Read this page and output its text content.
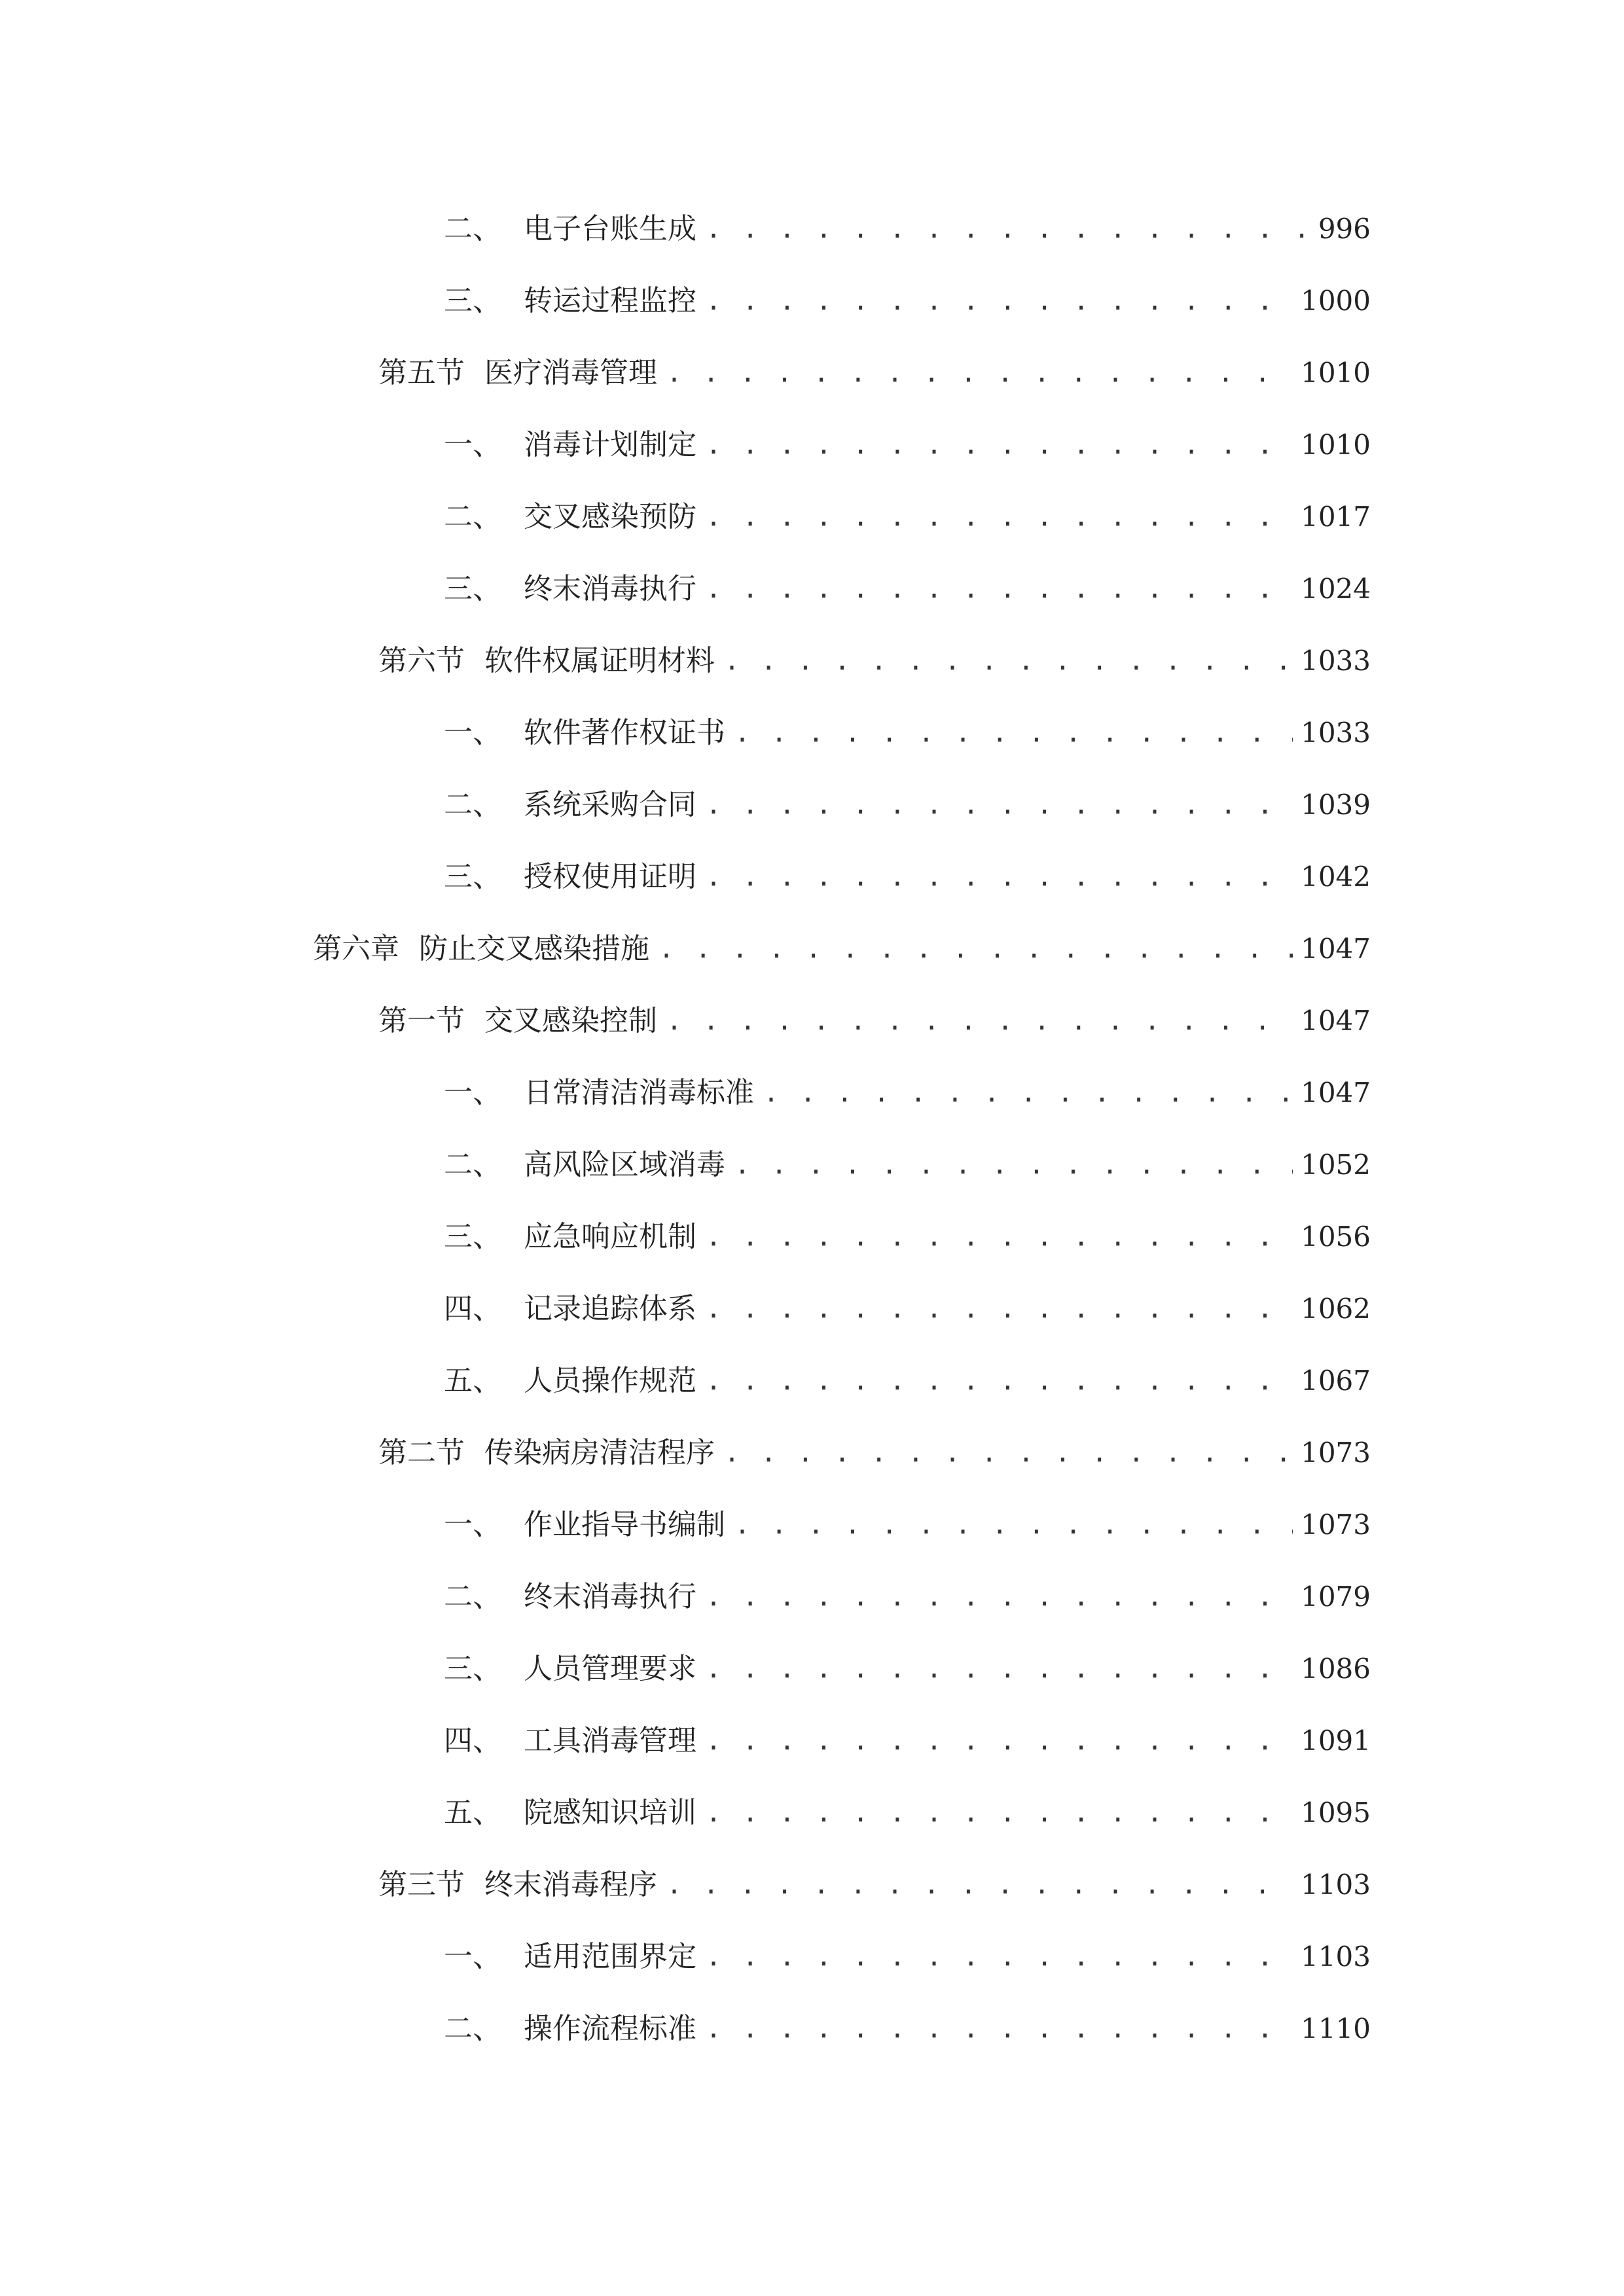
二、 电子台账生成 . . .	996
三、 转运过程监控 . . .	1000
第五节 医疗消毒管理 . . .	1010
一、 消毒计划制定 . . .	1010
二、 交叉感染预防 . . .	1017
三、 终末消毒执行 . . .	1024
第六节 软件权属证明材料 . . .	1033
一、 软件著作权证书 . . .	1033
二、 系统采购合同 . . .	1039
三、 授权使用证明 . . .	1042
第六章 防止交叉感染措施 . . .	1047
第一节 交叉感染控制 . . .	1047
一、 日常清洁消毒标准 . . .	1047
二、 高风险区域消毒 . . .	1052
三、 应急响应机制 . . .	1056
四、 记录追踪体系 . . .	1062
五、 人员操作规范 . . .	1067
第二节 传染病房清洁程序 . . .	1073
一、 作业指导书编制 . . .	1073
二、 终末消毒执行 . . .	1079
三、 人员管理要求 . . .	1086
四、 工具消毒管理 . . .	1091
五、 院感知识培训 . . .	1095
第三节 终末消毒程序 . . .	1103
一、 适用范围界定 . . .	1103
二、 操作流程标准 . . .	1110
